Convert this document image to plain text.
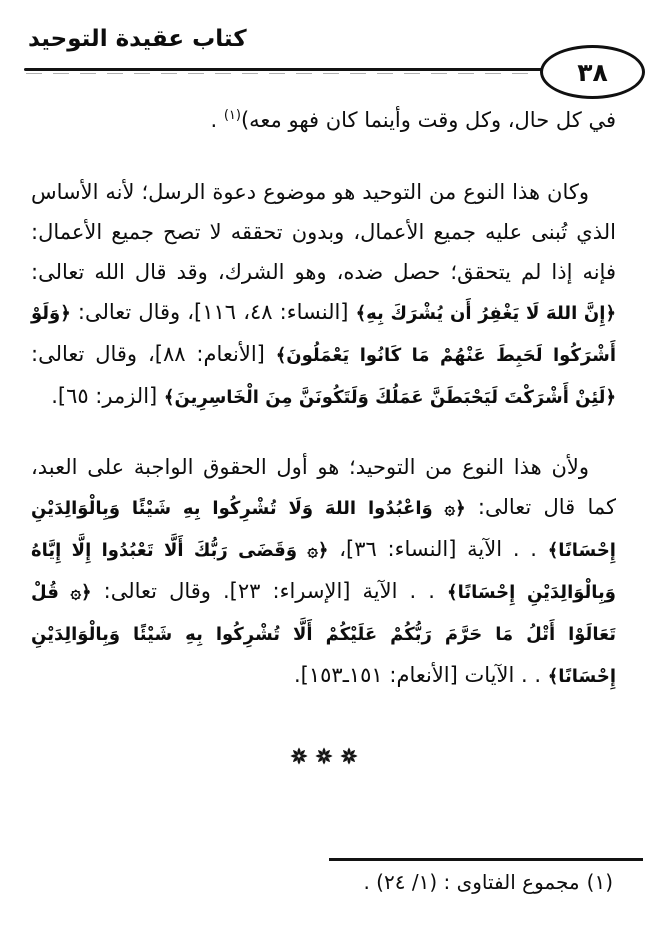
كتاب عقيدة التوحيد
٣٨

في كل حال، وكل وقت وأينما كان فهو معه)$^{(١)}$ .

وكان هذا النوع من التوحيد هو موضوع دعوة الرسل؛ لأنه الأساس الذي تُبنى عليه جميع الأعمال، وبدون تحققه لا تصح جميع الأعمال: فإنه إذا لم يتحقق؛ حصل ضده، وهو الشرك، وقد قال الله تعالى: ﴿إِنَّ اللهَ لَا يَغْفِرُ أَن يُشْرَكَ بِهِ﴾ [النساء: ٤٨، ١١٦]، وقال تعالى: ﴿وَلَوْ أَشْرَكُوا لَحَبِطَ عَنْهُمْ مَا كَانُوا يَعْمَلُونَ﴾ [الأنعام: ٨٨]، وقال تعالى: ﴿لَئِنْ أَشْرَكْتَ لَيَحْبَطَنَّ عَمَلُكَ وَلَتَكُونَنَّ مِنَ الْخَاسِرِينَ﴾ [الزمر: ٦٥].

ولأن هذا النوع من التوحيد؛ هو أول الحقوق الواجبة على العبد، كما قال تعالى: ﴿۞ وَاعْبُدُوا اللهَ وَلَا تُشْرِكُوا بِهِ شَيْئًا وَبِالْوَالِدَيْنِ إِحْسَانًا﴾ . . الآية [النساء: ٣٦]، ﴿۞ وَقَضَى رَبُّكَ أَلَّا تَعْبُدُوا إِلَّا إِيَّاهُ وَبِالْوَالِدَيْنِ إِحْسَانًا﴾ . . الآية [الإسراء: ٢٣]. وقال تعالى: ﴿۞ قُلْ تَعَالَوْا أَتْلُ مَا حَرَّمَ رَبُّكُمْ عَلَيْكُمْ أَلَّا تُشْرِكُوا بِهِ شَيْئًا وَبِالْوَالِدَيْنِ إِحْسَانًا﴾ . . الآيات [الأنعام: ١٥١ـ١٥٣].

(١)مجموع الفتاوى : (١/ ٢٤) .
